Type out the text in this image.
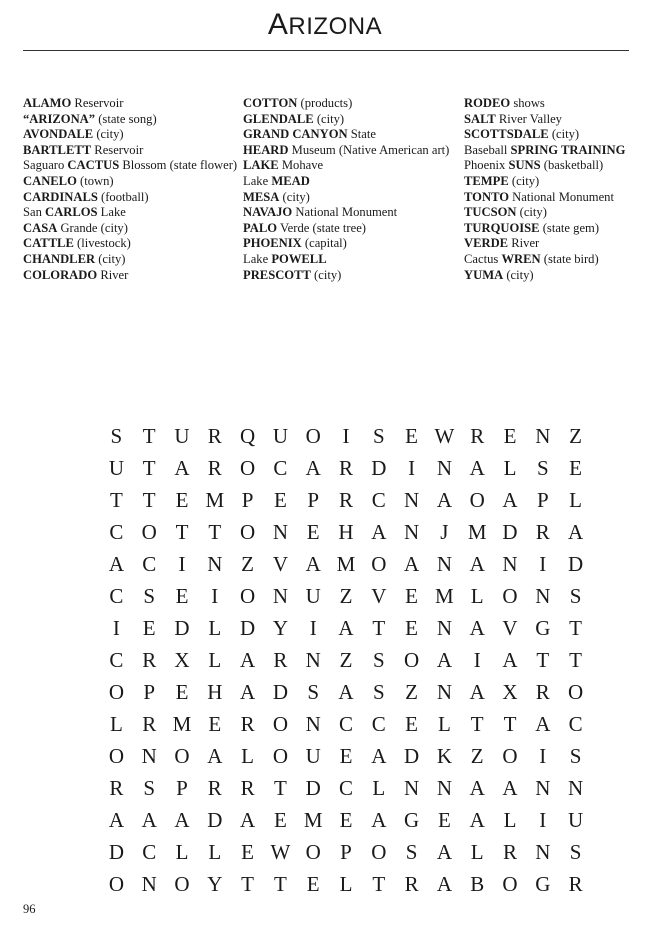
ARIZONA
ALAMO Reservoir
“ARIZONA” (state song)
AVONDALE (city)
BARTLETT Reservoir
Saguaro CACTUS Blossom (state flower)
CANELO (town)
CARDINALS (football)
San CARLOS Lake
CASA Grande (city)
CATTLE (livestock)
CHANDLER (city)
COLORADO River
COTTON (products)
GLENDALE (city)
GRAND CANYON State
HEARD Museum (Native American art)
LAKE Mohave
Lake MEAD
MESA (city)
NAVAJO National Monument
PALO Verde (state tree)
PHOENIX (capital)
Lake POWELL
PRESCOTT (city)
RODEO shows
SALT River Valley
SCOTTSDALE (city)
Baseball SPRING TRAINING
Phoenix SUNS (basketball)
TEMPE (city)
TONTO National Monument
TUCSON (city)
TURQUOISE (state gem)
VERDE River
Cactus WREN (state bird)
YUMA (city)
S T U R Q U O	I	S E W R E N Z
U T A R O C A R D	I	N A L S E
T T E M P E P R C N A O A P L
C O T T O N E H A N	J M D R A
A C	I	N Z V A M O A N A N	I	D
C S E	I	O N U Z V E M L O N S
I	E D L D Y	I	A T E N A V G T
C R X L A R N Z S O A	I	A T T
O P E H A D S A S Z N A X R O
L R M E R O N C C E L T T A C
O N O A L O U E A D K Z O	I	S
R S	P R R T D C L N N A A N N
A A A D A E M E A G E A L	I	U
D C L L E W O P O S A L R N S
O N O Y T T E L T R A B O G R
96
